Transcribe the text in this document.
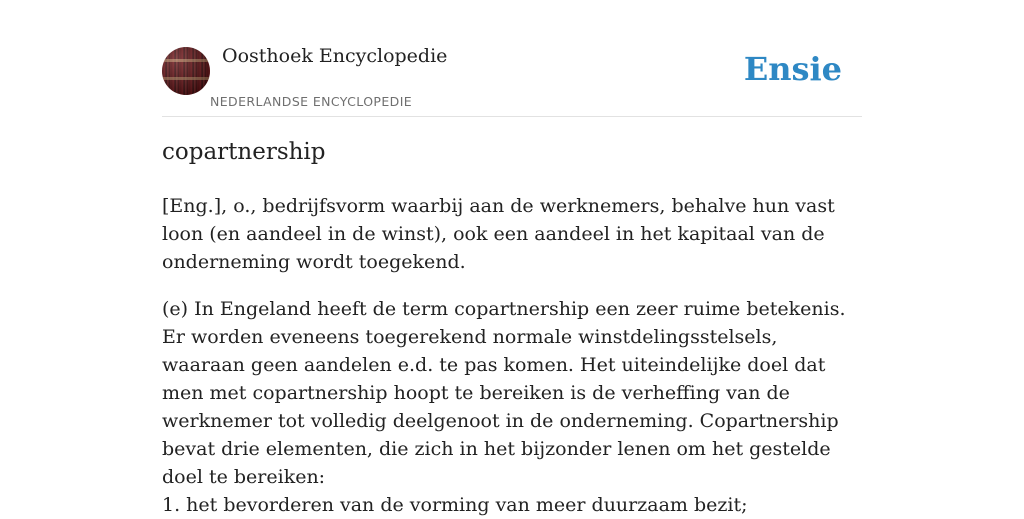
Oosthoek Encyclopedie
NEDERLANDSE ENCYCLOPEDIE
Ensie
copartnership

[Eng.], o., bedrijfsvorm waarbij aan de werknemers, behalve hun vast loon (en aandeel in de winst), ook een aandeel in het kapitaal van de onderneming wordt toegekend.

(e) In Engeland heeft de term copartnership een zeer ruime betekenis. Er worden eveneens toegerekend normale winstdelingsstelsels, waaraan geen aandelen e.d. te pas komen. Het uiteindelijke doel dat men met copartnership hoopt te bereiken is de verheffing van de werknemer tot volledig deelgenoot in de onderneming. Copartnership bevat drie elementen, die zich in het bijzonder lenen om het gestelde doel te bereiken:

1. het bevorderen van de vorming van meer duurzaam bezit;
